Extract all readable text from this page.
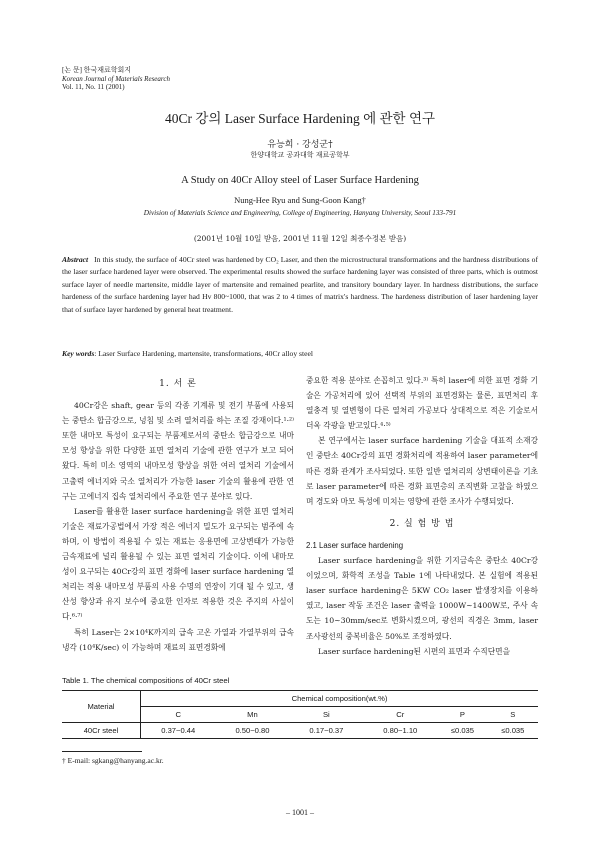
[논 문] 한국재료학회지
Korean Journal of Materials Research
Vol. 11, No. 11 (2001)
40Cr 강의 Laser Surface Hardening 에 관한 연구
유능희 · 강성군†
한양대학교 공과대학 재료공학부
A Study on 40Cr Alloy steel of Laser Surface Hardening
Nung-Hee Ryu and Sung-Goon Kang†
Division of Materials Science and Engineering, College of Engineering, Hanyang University, Seoul 133-791
(2001년 10월 10일 받음, 2001년 11월 12일 최종수정본 받음)
Abstract In this study, the surface of 40Cr steel was hardened by CO₂ Laser, and then the microstructural transformations and the hardness distributions of the laser surface hardened layer were observed. The experimental results showed the surface hardening layer was consisted of three parts, which is outmost surface layer of needle martensite, middle layer of martensite and remained pearlite, and transitory boundary layer. In hardness distributions, the surface hardeness of the surface hardening layer had Hv 800~1000, that was 2 to 4 times of matrix's hardness. The hardeness distribution of laser hardening layer that of surface layer hardened by general heat treatment.
Key words: Laser Surface Hardening, martensite, transformations, 40Cr alloy steel
1. 서 론

40Cr강은 shaft, gear 등의 각종 기계류 및 전기 부품에 사용되는 중탄소 합금강으로, 넝침 및 소려 열처리를 하는 조질 강재이다.¹·²⁾ 또한 내마모 특성이 요구되는 부품제로서의 중탄소 합금강으로 내마모성 향상을 위한 다양한 표면 열처리 기술에 관한 연구가 보고 되어 왔다. 특히 미소 영역의 내마모성 향상을 위한 여러 열처리 기술에서 고출력 에너지와 국소 열처리가 가능한 laser 기술의 활용에 관한 연구는 고에너지 집속 열처리에서 주요한 연구 분야로 있다.

Laser를 활용한 laser surface hardening을 위한 표면 열처리 기술은 재료가공법에서 가장 적은 에너지 밀도가 요구되는 범주에 속하며, 이 방법이 적용될 수 있는 재료는 응용면에 고상변태가 가능한 금속재료에 널리 활용될 수 있는 표면 열처리 기술이다. 이에 내마모성이 요구되는 40Cr강의 표면 경화에 laser surface hardening 열처리는 적용 내마모성 부품의 사용 수명의 연장이 기대 될 수 있고, 생산성 향상과 유지 보수에 중요한 인자로 적용한 것은 주지의 사실이다.⁶·⁷⁾

특히 Laser는 2×10⁴K까지의 급속 고온 가열과 가열부위의 급속 냉각 (10⁴K/sec) 이 가능하며 재료의 표면경화에

중요한 적용 분야로 손꼽히고 있다.³⁾ 특히 laser에 의한 표면 경화 기술은 가공처리에 있어 선택적 부위의 표면경화는 물론, 표면처리 후 열충격 및 열변형이 다른 열처리 가공보다 상대적으로 적은 기술로서 더욱 각광을 받고있다.⁴·⁵⁾

본 연구에서는 laser surface hardening 기술을 대표적 소재강인 중탄소 40Cr강의 표면 경화처리에 적용하여 laser parameter에 따른 경화 관계가 조사되었다. 또한 일반 열처리의 상변태이론을 기초로 laser parameter에 따른 경화 표면층의 조직변화 고찰을 하였으며 경도와 마모 특성에 미치는 영향에 관한 조사가 수행되었다.

2. 실 험 방 법
2.1 Laser surface hardening

Laser surface hardening을 위한 기지금속은 중탄소 40Cr강이었으며, 화학적 조성을 Table 1에 나타내었다. 본 실험에 적용된 laser surface hardening은 5KW CO₂ laser 발생장치를 이용하였고, laser 작동 조건은 laser 출력을 1000W~1400W로, 주사 속도는 10~30mm/sec로 변화시켰으며, 광선의 직경은 3mm, laser 조사광선의 중복비율은 50%로 조정하였다.

Laser surface hardening된 시편의 표면과 수직단면을

Table 1. The chemical compositions of 40Cr steel
Material	Chemical composition(wt.%)					
	C	Mn	Si	Cr	P	S
40Cr steel	0.37~0.44	0.50~0.80	0.17~0.37	0.80~1.10	≤0.035	≤0.035
† E-mail: sgkang@hanyang.ac.kr.
– 1001 –
